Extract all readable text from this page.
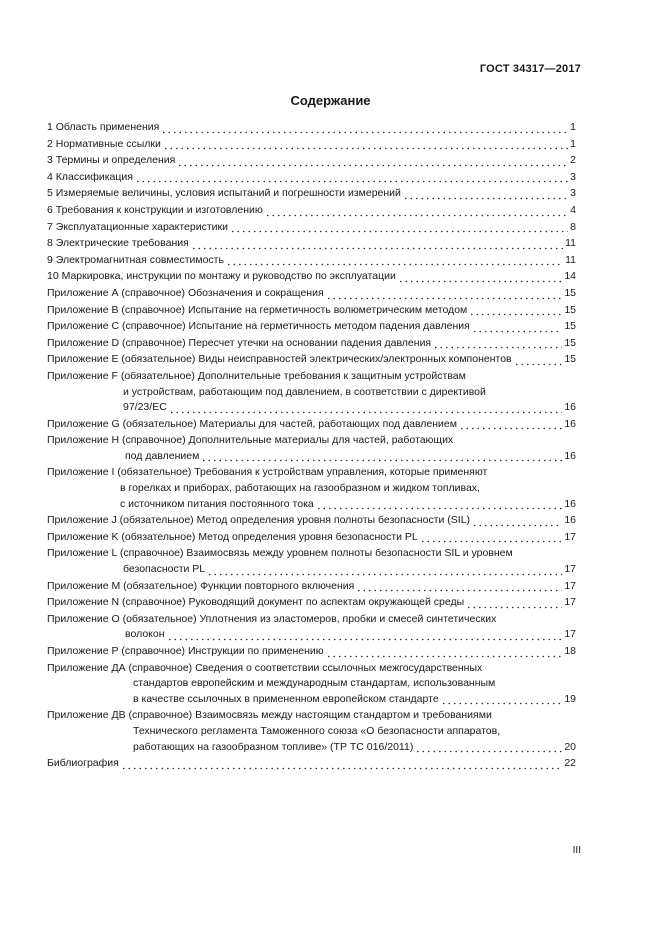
ГОСТ 34317—2017
Содержание
1 Область применения	1
2 Нормативные ссылки	1
3 Термины и определения	2
4 Классификация	3
5 Измеряемые величины, условия испытаний и погрешности измерений	3
6 Требования к конструкции и изготовлению	4
7 Эксплуатационные характеристики	8
8 Электрические требования	11
9 Электромагнитная совместимость	11
10 Маркировка, инструкции по монтажу и руководство по эксплуатации	14
Приложение А (справочное) Обозначения и сокращения	15
Приложение В (справочное) Испытание на герметичность волюметрическим методом	15
Приложение С (справочное) Испытание на герметичность методом падения давления	15
Приложение D (справочное) Пересчет утечки на основании падения давления	15
Приложение Е (обязательное) Виды неисправностей электрических/электронных компонентов	15
Приложение F (обязательное) Дополнительные требования к защитным устройствам
и устройствам, работающим под давлением, в соответствии с директивой
97/23/ЕС	16
Приложение G (обязательное) Материалы для частей, работающих под давлением	16
Приложение Н (справочное) Дополнительные материалы для частей, работающих
под давлением	16
Приложение I (обязательное) Требования к устройствам управления, которые применяют
в горелках и приборах, работающих на газообразном и жидком топливах,
с источником питания постоянного тока	16
Приложение J (обязательное) Метод определения уровня полноты безопасности (SIL)	16
Приложение K (обязательное) Метод определения уровня безопасности PL	17
Приложение L (справочное) Взаимосвязь между уровнем полноты безопасности SIL и уровнем
безопасности PL	17
Приложение М (обязательное) Функции повторного включения	17
Приложение N (справочное) Руководящий документ по аспектам окружающей среды	17
Приложение О (обязательное) Уплотнения из эластомеров, пробки и смесей синтетических
волокон	17
Приложение Р (справочное) Инструкции по применению	18
Приложение ДА (справочное) Сведения о соответствии ссылочных межгосударственных
стандартов европейским и международным стандартам, использованным
в качестве ссылочных в примененном европейском стандарте	19
Приложение ДВ (справочное) Взаимосвязь между настоящим стандартом и требованиями
Технического регламента Таможенного союза «О безопасности аппаратов,
работающих на газообразном топливе» (ТР ТС 016/2011)	20
Библиография	22
III
